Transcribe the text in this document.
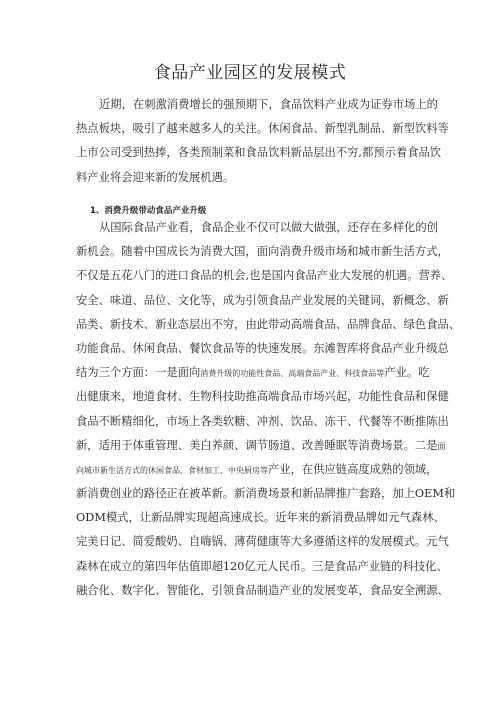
食品产业园区的发展模式
近期，在刺激消费增长的强预期下，食品饮料产业成为证券市场上的
热点板块，吸引了越来越多人的关注。休闲食品、新型乳制品、新型饮料等
上市公司受到热捧，各类预制菜和食品饮料新品层出不穷,都预示着食品饮
料产业将会迎来新的发展机遇。
1、消费升级带动食品产业升级
从国际食品产业看，食品企业不仅可以做大做强，还存在多样化的创
新机会。随着中国成长为消费大国，面向消费升级市场和城市新生活方式，
不仅是五花八门的进口食品的机会,也是国内食品产业大发展的机遇。营养、
安全、味道、品位、文化等，成为引领食品产业发展的关键词，新概念、新
品类、新技术、新业态层出不穷，由此带动高端食品、品牌食品、绿色食品、
功能食品、休闲食品、餐饮食品等的快速发展。东滩智库将食品产业升级总
结为三个方面：一是面向消费升级的功能性食品、高端食品产业、科技食品等产业。吃
出健康来，地道食材、生物科技助推高端食品市场兴起，功能性食品和保健
食品不断精细化，市场上各类软糖、冲剂、饮品、冻干、代餐等不断推陈出
新，适用于体重管理、美白养颜、调节肠道、改善睡眠等消费场景。二是面
向城市新生活方式的休闲食品、食材加工、中央厨房等产业，在供应链高度成熟的领域，
新消费创业的路径正在被革新。新消费场景和新品牌推广套路，加上OEM和
ODM模式，让新品牌实现超高速成长。近年来的新消费品牌如元气森林、
完美日记、简爱酸奶、自嗨锅、薄荷健康等大多遵循这样的发展模式。元气
森林在成立的第四年估值即超120亿元人民币。三是食品产业链的科技化、
融合化、数字化、智能化，引领食品制造产业的发展变革，食品安全溯源、
